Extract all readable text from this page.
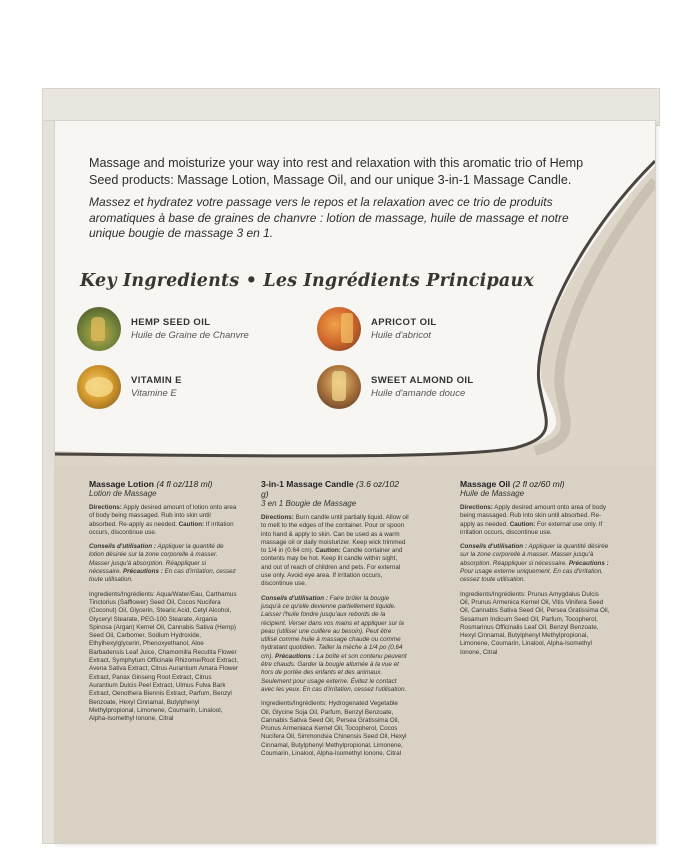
Massage and moisturize your way into rest and relaxation with this aromatic trio of Hemp Seed products: Massage Lotion, Massage Oil, and our unique 3-in-1 Massage Candle.
Massez et hydratez votre passage vers le repos et la relaxation avec ce trio de produits aromatiques à base de graines de chanvre : lotion de massage, huile de massage et notre unique bougie de massage 3 en 1.
Key Ingredients • Les Ingrédients Principaux
HEMP SEED OIL
Huile de Graine de Chanvre
APRICOT OIL
Huile d'abricot
VITAMIN E
Vitamine E
SWEET ALMOND OIL
Huile d'amande douce
Massage Lotion (4 fl oz/118 ml)
Lotion de Massage

Directions: Apply desired amount of lotion onto area of body being massaged. Rub into skin until absorbed. Re-apply as needed. Caution: If irritation occurs, discontinue use.

Conseils d'utilisation : Appliquer la quantité de lotion désirée sur la zone corporelle à masser. Masser jusqu'à absorption. Réappliquer si nécessaire. Précautions : En cas d'irritation, cessez toute utilisation.

Ingredients/Ingrédients: Aqua/Water/Eau, Carthamus Tinctorius (Safflower) Seed Oil, Cocos Nucifera (Coconut) Oil, Glycerin, Stearic Acid, Cetyl Alcohol, Glyceryl Stearate, PEG-100 Stearate, Argania Spinosa (Argan) Kernel Oil, Cannabis Sativa (Hemp) Seed Oil, Carbomer, Sodium Hydroxide, Ethylhexylglycerin, Phenoxyethanol, Aloe Barbadensis Leaf Juice, Chamomilla Recutita Flower Extract, Symphytum Officinale Rhizome/Root Extract, Avena Sativa Extract, Citrus Aurantium Amara Flower Extract, Panax Ginseng Root Extract, Citrus Aurantium Dulcis Peel Extract, Ulmus Fulva Bark Extract, Oenothera Biennis Extract, Parfum, Benzyl Benzoate, Hexyl Cinnamal, Butylphenyl Methylpropional, Limonene, Coumarin, Linalool, Alpha-Isomethyl Ionone, Citral

3-in-1 Massage Candle (3.6 oz/102 g)
3 en 1 Bougie de Massage

Directions: Burn candle until partially liquid. Allow oil to melt to the edges of the container. Pour or spoon into hand & apply to skin. Can be used as a warm massage oil or daily moisturizer. Keep wick trimmed to 1/4 in (0.64 cm). Caution: Candle container and contents may be hot. Keep lit candle within sight, and out of reach of children and pets. For external use only. Avoid eye area. If irritation occurs, discontinue use.

Conseils d'utilisation : Faire brûler la bougie jusqu'à ce qu'elle devienne partiellement liquide. Laisser l'huile fondre jusqu'aux rebords de la récipient. Verser dans vos mains et appliquer sur la peau (utiliser une cuillère au besoin). Peut être utilisé comme huile à massage chaude ou comme hydratant quotidien. Tailler la mèche à 1/4 po (0,64 cm). Précautions : La boîte et son contenu peuvent être chauds. Garder la bougie allumée à la vue et hors de portée des enfants et des animaux. Seulement pour usage externe. Évitez le contact avec les yeux. En cas d'irritation, cessez l'utilisation.

Ingredients/Ingrédients: Hydrogenated Vegetable Oil, Glycine Soja Oil, Parfum, Benzyl Benzoate, Cannabis Sativa Seed Oil, Persea Gratissima Oil, Prunus Armeniaca Kernel Oil, Tocopherol, Cocos Nucifera Oil, Simmondsia Chinensis Seed Oil, Hexyl Cinnamal, Butylphenyl Methylpropional, Limonene, Coumarin, Linalool, Alpha-Isomethyl Ionone, Citral

Massage Oil (2 fl oz/60 ml)
Huile de Massage

Directions: Apply desired amount onto area of body being massaged. Rub into skin until absorbed. Re-apply as needed. Caution: For external use only. If irritation occurs, discontinue use.

Conseils d'utilisation : Appliquer la quantité désirée sur la zone corporelle à masser. Masser jusqu'à absorption. Réappliquer si nécessaire. Précautions : Pour usage externe uniquement. En cas d'irritation, cessez toute utilisation.

Ingredients/Ingrédients: Prunus Amygdalus Dulcis Oil, Prunus Armenica Kernel Oil, Vitis Vinifera Seed Oil, Cannabis Sativa Seed Oil, Persea Gratissima Oil, Sesamum Indicum Seed Oil, Parfum, Tocopherol, Rosmarinus Officinalis Leaf Oil, Benzyl Benzoate, Hexyl Cinnamal, Butylphenyl Methylpropional, Limonene, Coumarin, Linalool, Alpha-Isomethyl Ionone, Citral
